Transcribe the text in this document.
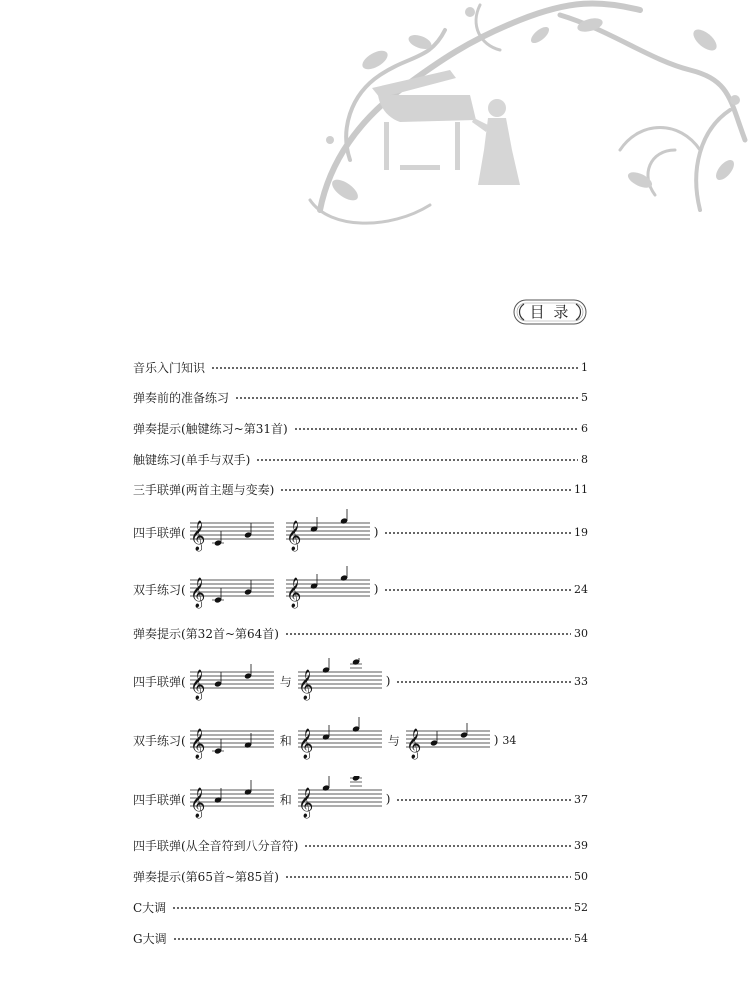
目 录
音乐入门知识	1
弹奏前的准备练习	5
弹奏提示(触键练习~第31首)	6
触键练习(单手与双手)	8
三手联弹(两首主题与变奏)	11
四手联弹( 𝄞	𝄞	)	19
双手练习( 𝄞	𝄞	)	24
弹奏提示(第32首~第64首)	30
四手联弹( 𝄞	与 𝄞	)	33
双手练习( 𝄞	和 𝄞	与 𝄞	) 34
四手联弹( 𝄞	和 𝄞	)	37
四手联弹(从全音符到八分音符)	39
弹奏提示(第65首~第85首)	50
C大调	52
G大调	54
